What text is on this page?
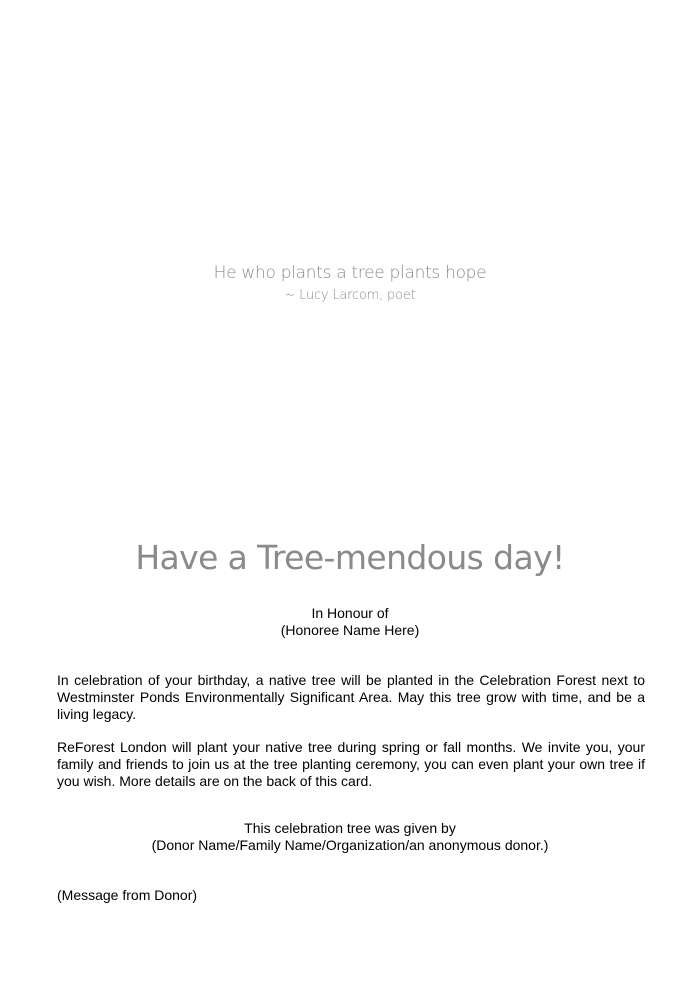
He who plants a tree plants hope
~ Lucy Larcom, poet
Have a Tree-mendous day!
In Honour of
(Honoree Name Here)

In celebration of your birthday, a native tree will be planted in the Celebration Forest next to Westminster Ponds Environmentally Significant Area. May this tree grow with time, and be a living legacy.

ReForest London will plant your native tree during spring or fall months. We invite you, your family and friends to join us at the tree planting ceremony, you can even plant your own tree if you wish. More details are on the back of this card.

This celebration tree was given by
(Donor Name/Family Name/Organization/an anonymous donor.)
(Message from Donor)
